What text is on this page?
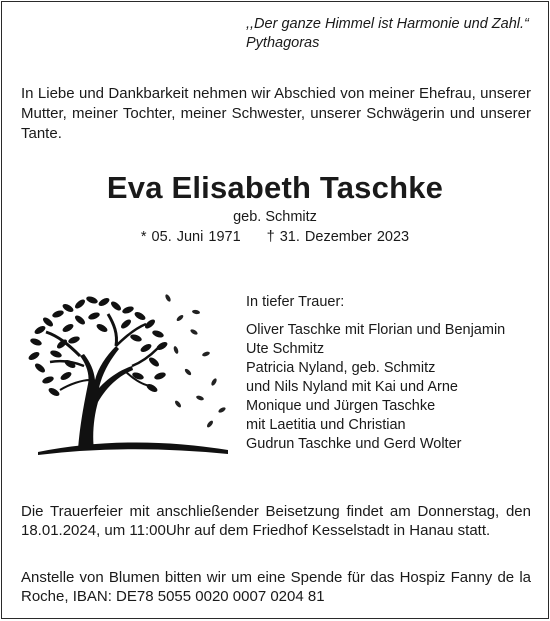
,,Der ganze Himmel ist Harmonie und Zahl.“
Pythagoras
In Liebe und Dankbarkeit nehmen wir Abschied von meiner Ehefrau, unserer Mutter, meiner Tochter, meiner Schwester, unserer Schwägerin und unserer Tante.
Eva Elisabeth Taschke
geb. Schmitz
* 05. Juni 1971 † 31. Dezember 2023
In tiefer Trauer:
Oliver Taschke mit Florian und Benjamin
Ute Schmitz
Patricia Nyland, geb. Schmitz
und Nils Nyland mit Kai und Arne
Monique und Jürgen Taschke
mit Laetitia und Christian
Gudrun Taschke und Gerd Wolter
Die Trauerfeier mit anschließender Beisetzung findet am Donnerstag, den 18.01.2024, um 11:00Uhr auf dem Friedhof Kesselstadt in Hanau statt.
Anstelle von Blumen bitten wir um eine Spende für das Hospiz Fanny de la Roche, IBAN: DE78 5055 0020 0007 0204 81
